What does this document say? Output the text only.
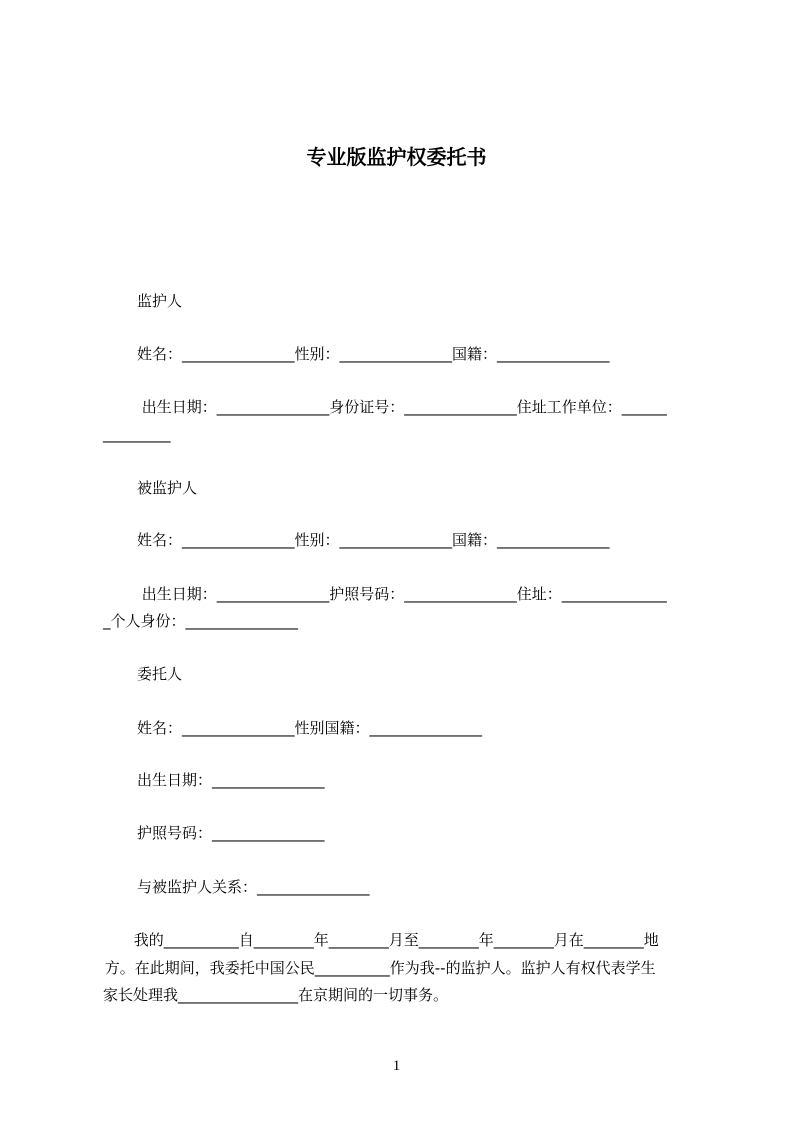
专业版监护权委托书

监护人

姓名：_______________性别：_______________国籍：_______________

出生日期：_______________身份证号：_______________住址工作单位：______

_________

被监护人

姓名：_______________性别：_______________国籍：_______________

出生日期：_______________护照号码：_______________住址：______________

_个人身份：_______________

委托人

姓名：_______________性别国籍：_______________

出生日期：_______________

护照号码：_______________

与被监护人关系：_______________

我的__________自________年________月至________年________月在________地

方。在此期间，我委托中国公民__________作为我--的监护人。监护人有权代表学生

家长处理我________________在京期间的一切事务。

1
